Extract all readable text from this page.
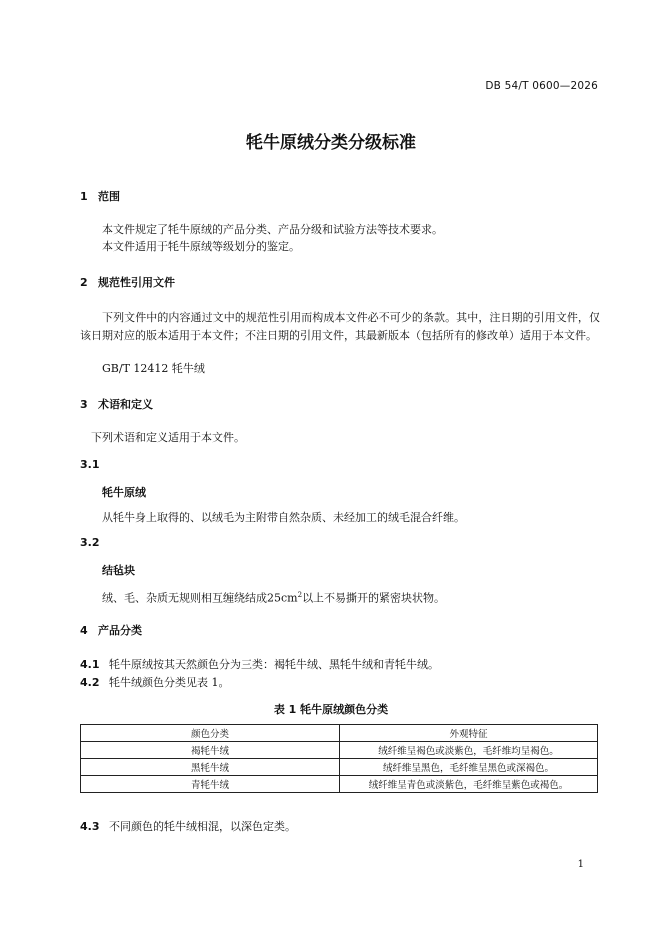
DB 54/T 0600—2026
牦牛原绒分类分级标准
1 范围
本文件规定了牦牛原绒的产品分类、产品分级和试验方法等技术要求。
本文件适用于牦牛原绒等级划分的鉴定。
2 规范性引用文件
下列文件中的内容通过文中的规范性引用而构成本文件必不可少的条款。其中，注日期的引用文件，仅该日期对应的版本适用于本文件；不注日期的引用文件，其最新版本（包括所有的修改单）适用于本文件。
GB/T 12412 牦牛绒
3 术语和定义
下列术语和定义适用于本文件。
3.1
牦牛原绒
从牦牛身上取得的、以绒毛为主附带自然杂质、未经加工的绒毛混合纤维。
3.2
结毡块
绒、毛、杂质无规则相互缠绕结成$25cm^2$以上不易撕开的紧密块状物。
4 产品分类
4.1 牦牛原绒按其天然颜色分为三类：褐牦牛绒、黑牦牛绒和青牦牛绒。
4.2 牦牛绒颜色分类见表 1。
表 1 牦牛原绒颜色分类
颜色分类	外观特征
褐牦牛绒	绒纤维呈褐色或淡紫色，毛纤维均呈褐色。
黑牦牛绒	绒纤维呈黑色，毛纤维呈黑色或深褐色。
青牦牛绒	绒纤维呈青色或淡紫色，毛纤维呈紫色或褐色。
4.3 不同颜色的牦牛绒相混，以深色定类。
1
